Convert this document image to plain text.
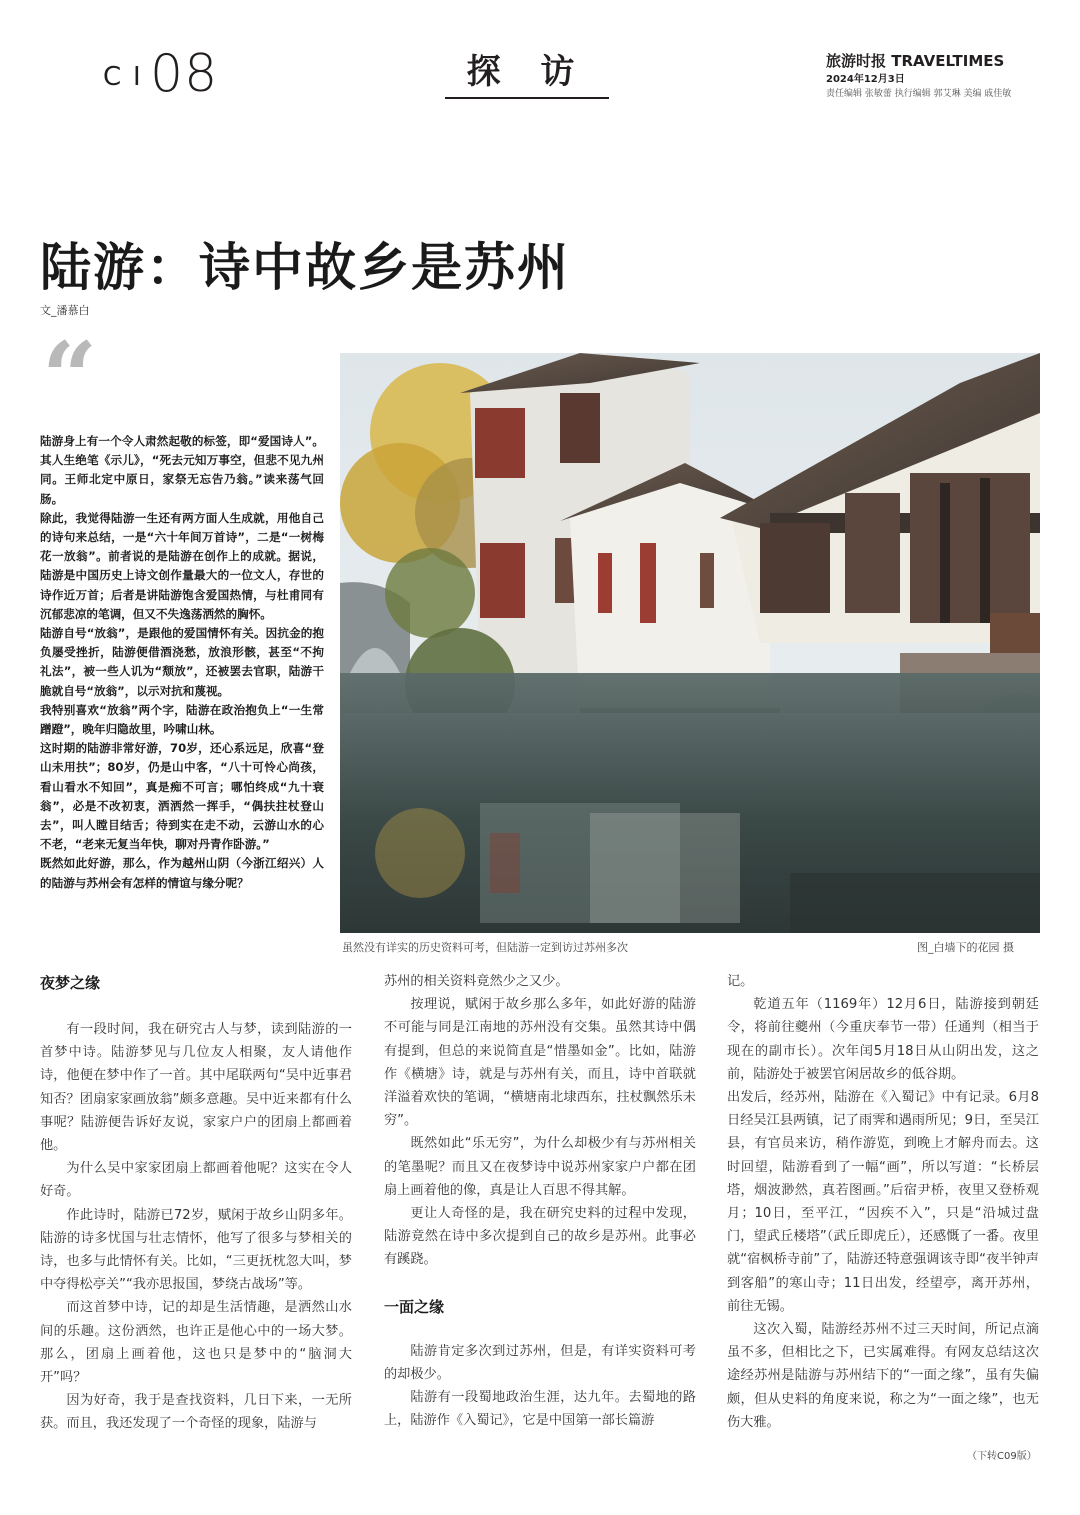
C I 08	探 访	旅游时报 TRAVELTIMES
2024年12月3日
责任编辑 张敏蕾 执行编辑 郭艾琳 美编 戚佳敏
陆游：诗中故乡是苏州
文_潘慕白
“

陆游身上有一个令人肃然起敬的标签，即“爱国诗人”。其人生绝笔《示儿》，“死去元知万事空，但悲不见九州同。王师北定中原日，家祭无忘告乃翁。”读来荡气回肠。

除此，我觉得陆游一生还有两方面人生成就，用他自己的诗句来总结，一是“六十年间万首诗”，二是“一树梅花一放翁”。前者说的是陆游在创作上的成就。据说，陆游是中国历史上诗文创作量最大的一位文人，存世的诗作近万首；后者是讲陆游饱含爱国热情，与杜甫同有沉郁悲凉的笔调，但又不失逸荡洒然的胸怀。

陆游自号“放翁”，是跟他的爱国情怀有关。因抗金的抱负屡受挫折，陆游便借酒浇愁，放浪形骸，甚至“不拘礼法”，被一些人讥为“颓放”，还被罢去官职，陆游干脆就自号“放翁”，以示对抗和蔑视。

我特别喜欢“放翁”两个字，陆游在政治抱负上“一生常蹭蹬”，晚年归隐故里，吟啸山林。

这时期的陆游非常好游，70岁，还心系远足，欣喜“登山未用扶”；80岁，仍是山中客，“八十可怜心尚孩，看山看水不知回”，真是痴不可言；哪怕终成“九十衰翁”，必是不改初衷，洒洒然一挥手，“偶扶拄杖登山去”，叫人瞠目结舌；待到实在走不动，云游山水的心不老，“老来无复当年快，聊对丹青作卧游。”

既然如此好游，那么，作为越州山阴（今浙江绍兴）人的陆游与苏州会有怎样的情谊与缘分呢？

虽然没有详实的历史资料可考，但陆游一定到访过苏州多次	图_白墙下的花园 摄
夜梦之缘

有一段时间，我在研究古人与梦，读到陆游的一首梦中诗。陆游梦见与几位友人相聚，友人请他作诗，他便在梦中作了一首。其中尾联两句“吴中近事君知否？团扇家家画放翁”颇多意趣。吴中近来都有什么事呢？陆游便告诉好友说，家家户户的团扇上都画着他。

为什么吴中家家团扇上都画着他呢？这实在令人好奇。

作此诗时，陆游已72岁，赋闲于故乡山阴多年。陆游的诗多忧国与壮志情怀，他写了很多与梦相关的诗，也多与此情怀有关。比如，“三更抚枕忽大叫，梦中夺得松亭关”“我亦思报国，梦绕古战场”等。

而这首梦中诗，记的却是生活情趣，是洒然山水间的乐趣。这份洒然，也许正是他心中的一场大梦。那么，团扇上画着他，这也只是梦中的“脑洞大开”吗？

因为好奇，我于是查找资料，几日下来，一无所获。而且，我还发现了一个奇怪的现象，陆游与

苏州的相关资料竟然少之又少。

按理说，赋闲于故乡那么多年，如此好游的陆游不可能与同是江南地的苏州没有交集。虽然其诗中偶有提到，但总的来说简直是“惜墨如金”。比如，陆游作《横塘》诗，就是与苏州有关，而且，诗中首联就洋溢着欢快的笔调，“横塘南北埭西东，拄杖飘然乐未穷”。

既然如此“乐无穷”，为什么却极少有与苏州相关的笔墨呢？而且又在夜梦诗中说苏州家家户户都在团扇上画着他的像，真是让人百思不得其解。

更让人奇怪的是，我在研究史料的过程中发现，陆游竟然在诗中多次提到自己的故乡是苏州。此事必有蹊跷。

一面之缘

陆游肯定多次到过苏州，但是，有详实资料可考的却极少。

陆游有一段蜀地政治生涯，达九年。去蜀地的路上，陆游作《入蜀记》，它是中国第一部长篇游

记。

乾道五年（1169年）12月6日，陆游接到朝廷令，将前往夔州（今重庆奉节一带）任通判（相当于现在的副市长）。次年闰5月18日从山阴出发，这之前，陆游处于被罢官闲居故乡的低谷期。

出发后，经苏州，陆游在《入蜀记》中有记录。6月8日经吴江县两镇，记了雨霁和遇雨所见；9日，至吴江县，有官员来访，稍作游览，到晚上才解舟而去。这时回望，陆游看到了一幅“画”，所以写道：“长桥层塔，烟波渺然，真若图画。”后宿尹桥，夜里又登桥观月；10日，至平江，“因疾不入”，只是“沿城过盘门，望武丘楼塔”（武丘即虎丘），还感慨了一番。夜里就“宿枫桥寺前”了，陆游还特意强调该寺即“夜半钟声到客船”的寒山寺；11日出发，经望亭，离开苏州，前往无锡。

这次入蜀，陆游经苏州不过三天时间，所记点滴虽不多，但相比之下，已实属难得。有网友总结这次途经苏州是陆游与苏州结下的“一面之缘”，虽有失偏颇，但从史料的角度来说，称之为“一面之缘”，也无伤大雅。

（下转C09版）
